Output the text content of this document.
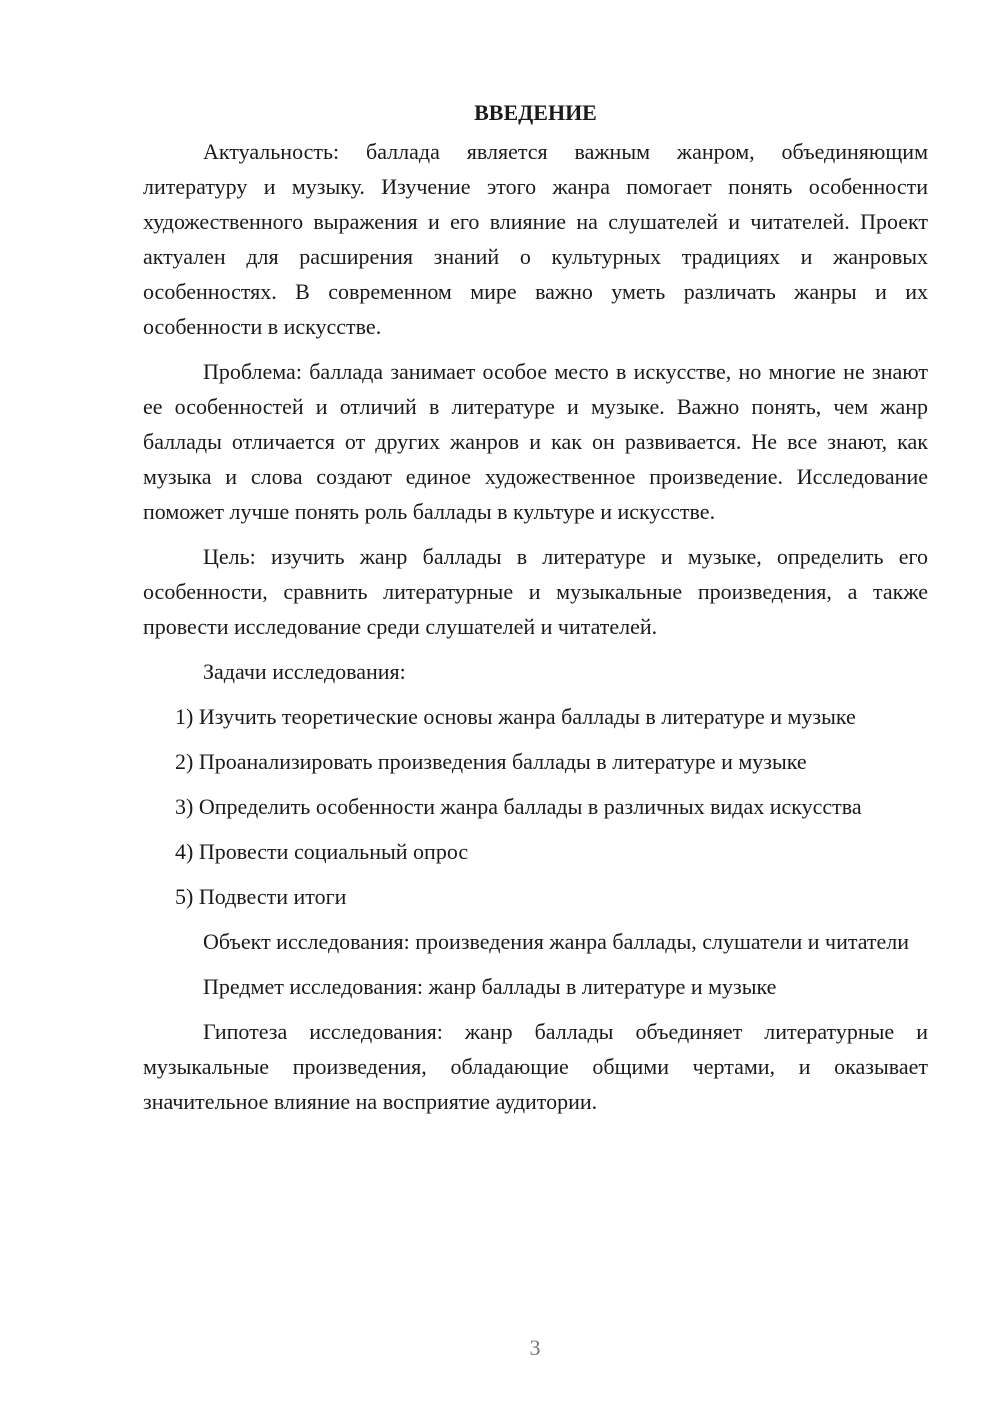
ВВЕДЕНИЕ

Актуальность: баллада является важным жанром, объединяющим литературу и музыку. Изучение этого жанра помогает понять особенности художественного выражения и его влияние на слушателей и читателей. Проект актуален для расширения знаний о культурных традициях и жанровых особенностях. В современном мире важно уметь различать жанры и их особенности в искусстве.

Проблема: баллада занимает особое место в искусстве, но многие не знают ее особенностей и отличий в литературе и музыке. Важно понять, чем жанр баллады отличается от других жанров и как он развивается. Не все знают, как музыка и слова создают единое художественное произведение. Исследование поможет лучше понять роль баллады в культуре и искусстве.

Цель: изучить жанр баллады в литературе и музыке, определить его особенности, сравнить литературные и музыкальные произведения, а также провести исследование среди слушателей и читателей.

Задачи исследования:

1) Изучить теоретические основы жанра баллады в литературе и музыке

2) Проанализировать произведения баллады в литературе и музыке

3) Определить особенности жанра баллады в различных видах искусства

4) Провести социальный опрос

5) Подвести итоги

Объект исследования: произведения жанра баллады, слушатели и читатели

Предмет исследования: жанр баллады в литературе и музыке

Гипотеза исследования: жанр баллады объединяет литературные и музыкальные произведения, обладающие общими чертами, и оказывает значительное влияние на восприятие аудитории.

3
